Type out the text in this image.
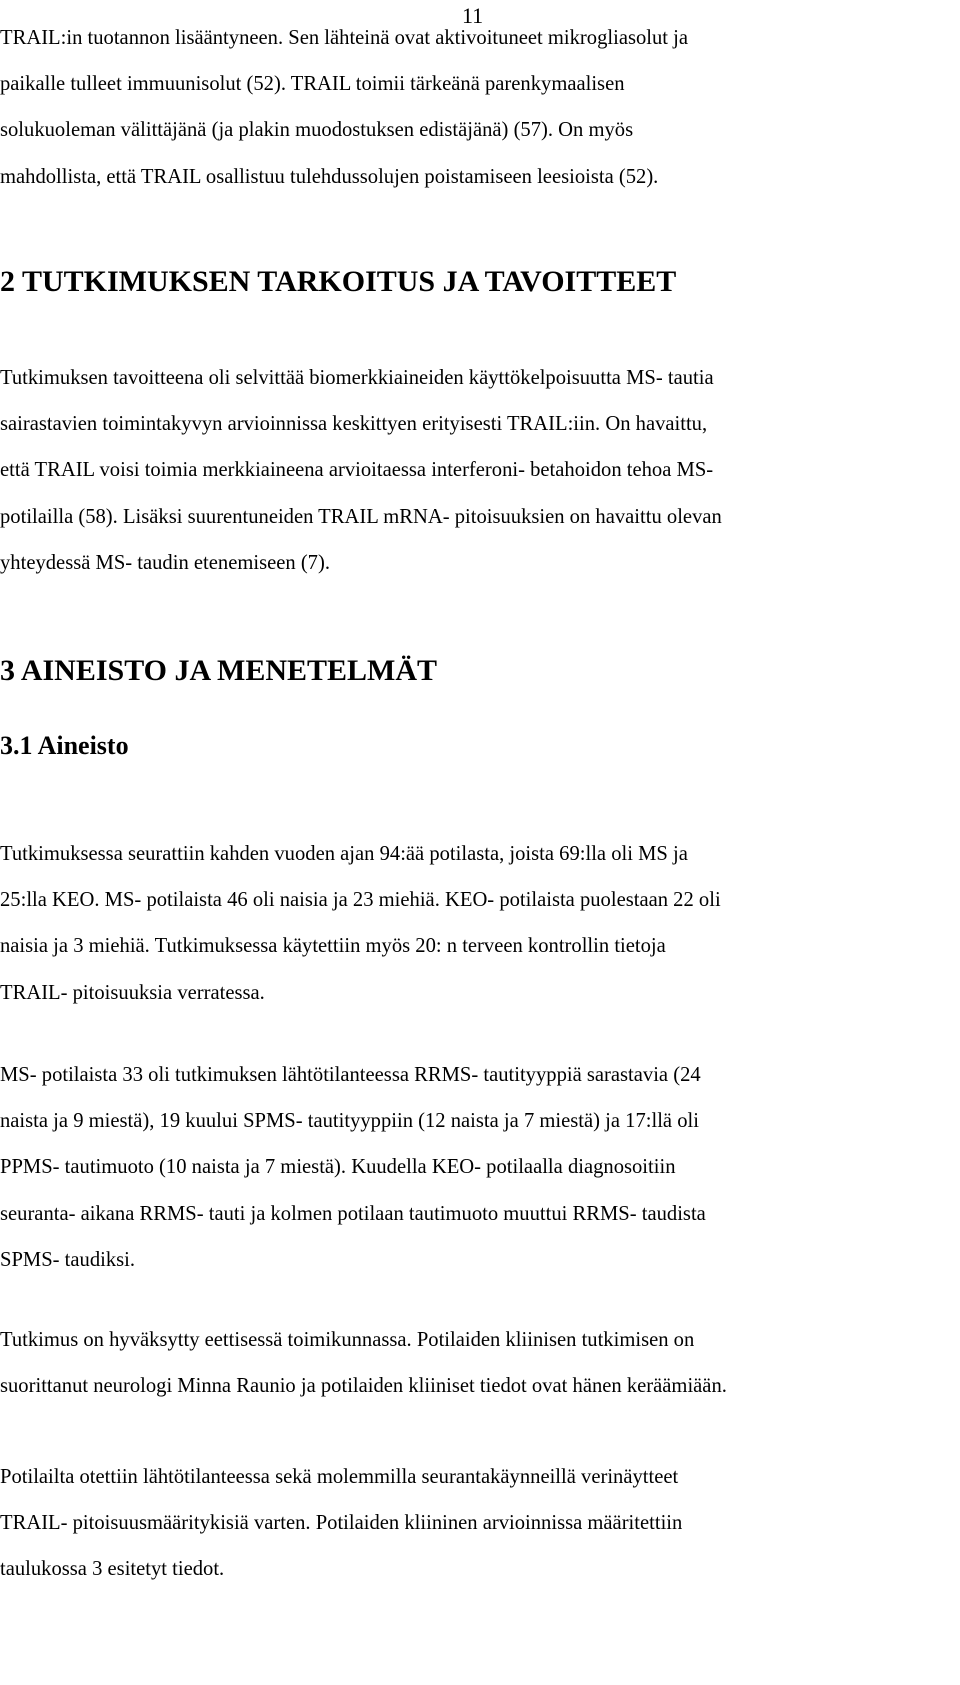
11
TRAIL:in tuotannon lisääntyneen. Sen lähteinä ovat aktivoituneet mikrogliasolut ja
paikalle tulleet immuunisolut (52). TRAIL toimii tärkeänä parenkymaalisen
solukuoleman välittäjänä (ja plakin muodostuksen edistäjänä) (57). On myös
mahdollista, että TRAIL osallistuu tulehdussolujen poistamiseen leesioista (52).
2 TUTKIMUKSEN TARKOITUS JA TAVOITTEET
Tutkimuksen tavoitteena oli selvittää biomerkkiaineiden käyttökelpoisuutta MS- tautia
sairastavien toimintakyvyn arvioinnissa keskittyen erityisesti TRAIL:iin. On havaittu,
että TRAIL voisi toimia merkkiaineena arvioitaessa interferoni- betahoidon tehoa MS-
potilailla (58). Lisäksi suurentuneiden TRAIL mRNA- pitoisuuksien on havaittu olevan
yhteydessä MS- taudin etenemiseen (7).
3 AINEISTO JA MENETELMÄT
3.1 Aineisto
Tutkimuksessa seurattiin kahden vuoden ajan 94:ää potilasta, joista 69:lla oli MS ja
25:lla KEO. MS- potilaista 46 oli naisia ja 23 miehiä. KEO- potilaista puolestaan 22 oli
naisia ja 3 miehiä. Tutkimuksessa käytettiin myös 20: n terveen kontrollin tietoja
TRAIL- pitoisuuksia verratessa.
MS- potilaista 33 oli tutkimuksen lähtötilanteessa RRMS- tautityyppiä sarastavia (24
naista ja 9 miestä), 19 kuului SPMS- tautityyppiin (12 naista ja 7 miestä) ja 17:llä oli
PPMS- tautimuoto (10 naista ja 7 miestä). Kuudella KEO- potilaalla diagnosoitiin
seuranta- aikana RRMS- tauti ja kolmen potilaan tautimuoto muuttui RRMS- taudista
SPMS- taudiksi.
Tutkimus on hyväksytty eettisessä toimikunnassa. Potilaiden kliinisen tutkimisen on
suorittanut neurologi Minna Raunio ja potilaiden kliiniset tiedot ovat hänen keräämiään.
Potilailta otettiin lähtötilanteessa sekä molemmilla seurantakäynneillä verinäytteet
TRAIL- pitoisuusmääritykisiä varten. Potilaiden kliininen arvioinnissa määritettiin
taulukossa 3 esitetyt tiedot.
